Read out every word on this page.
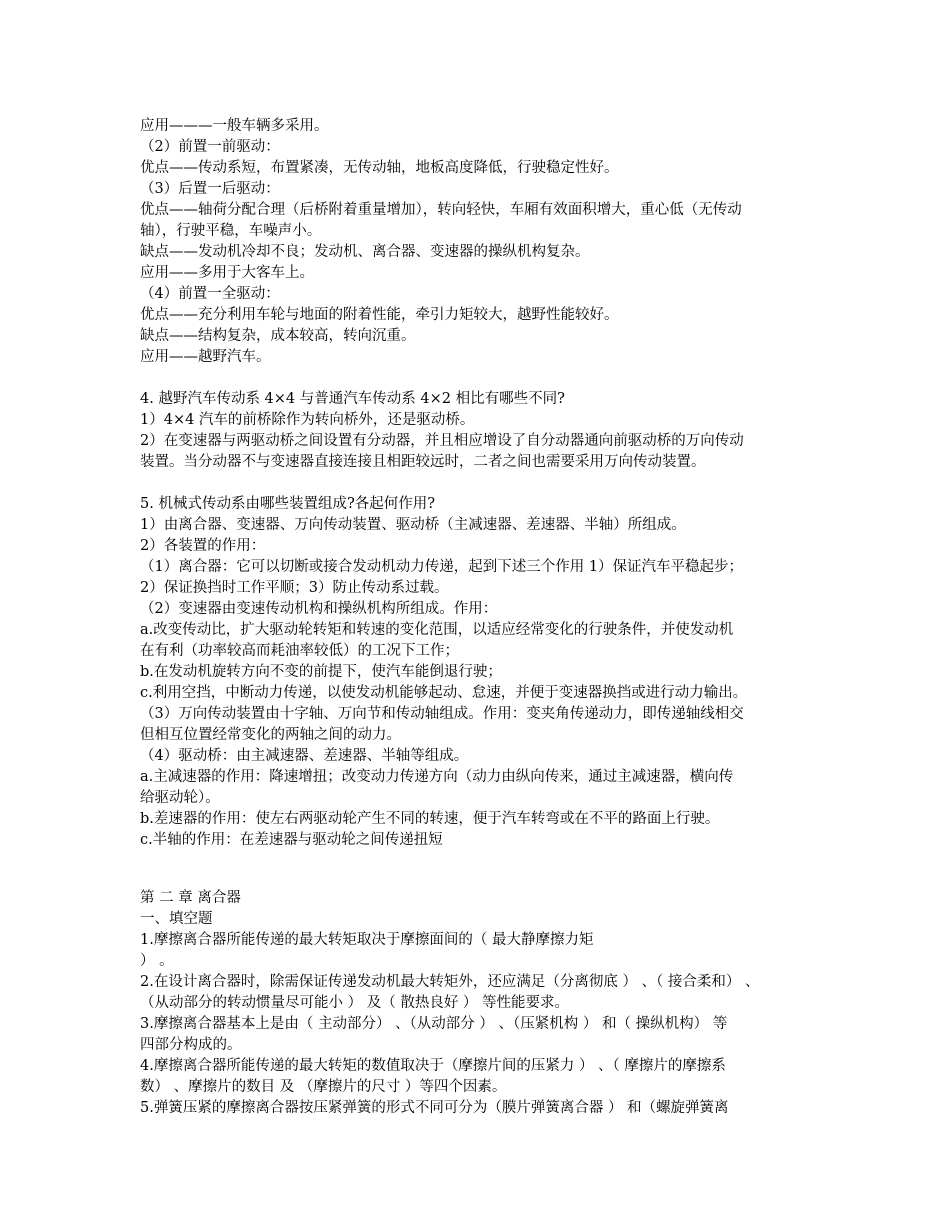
应用———一般车辆多采用。
（2）前置一前驱动：
优点——传动系短，布置紧凑，无传动轴，地板高度降低，行驶稳定性好。
（3）后置一后驱动：
优点——轴荷分配合理（后桥附着重量增加），转向轻快，车厢有效面积增大，重心低（无传动
轴），行驶平稳，车噪声小。
缺点——发动机冷却不良；发动机、离合器、变速器的操纵机构复杂。
应用——多用于大客车上。
（4）前置一全驱动：
优点——充分利用车轮与地面的附着性能，牵引力矩较大，越野性能较好。
缺点——结构复杂，成本较高，转向沉重。
应用——越野汽车。
4. 越野汽车传动系 4×4 与普通汽车传动系 4×2 相比有哪些不同?
1）4×4 汽车的前桥除作为转向桥外，还是驱动桥。
2）在变速器与两驱动桥之间设置有分动器，并且相应增设了自分动器通向前驱动桥的万向传动
装置。当分动器不与变速器直接连接且相距较远时，二者之间也需要采用万向传动装置。
5. 机械式传动系由哪些装置组成?各起何作用?
1）由离合器、变速器、万向传动装置、驱动桥（主减速器、差速器、半轴）所组成。
2）各装置的作用：
（1）离合器：它可以切断或接合发动机动力传递，起到下述三个作用 1）保证汽车平稳起步；
2）保证换挡时工作平顺；3）防止传动系过载。
（2）变速器由变速传动机构和操纵机构所组成。作用：
a.改变传动比，扩大驱动轮转矩和转速的变化范围，以适应经常变化的行驶条件，并使发动机
在有利（功率较高而耗油率较低）的工况下工作；
b.在发动机旋转方向不变的前提下，使汽车能倒退行驶；
c.利用空挡，中断动力传递，以使发动机能够起动、怠速，并便于变速器换挡或进行动力输出。
（3）万向传动装置由十字轴、万向节和传动轴组成。作用：变夹角传递动力，即传递轴线相交
但相互位置经常变化的两轴之间的动力。
（4）驱动桥：由主减速器、差速器、半轴等组成。
a.主减速器的作用：降速增扭；改变动力传递方向（动力由纵向传来，通过主减速器，横向传
给驱动轮）。
b.差速器的作用：使左右两驱动轮产生不同的转速，便于汽车转弯或在不平的路面上行驶。
c.半轴的作用：在差速器与驱动轮之间传递扭短
第 二 章 离合器
一、填空题
1.摩擦离合器所能传递的最大转矩取决于摩擦面间的（ 最大静摩擦力矩
） 。
2.在设计离合器时，除需保证传递发动机最大转矩外，还应满足（分离彻底 ） 、（ 接合柔和） 、
（从动部分的转动惯量尽可能小 ） 及（ 散热良好 ） 等性能要求。
3.摩擦离合器基本上是由（ 主动部分） 、（从动部分 ） 、（压紧机构 ） 和（ 操纵机构） 等
四部分构成的。
4.摩擦离合器所能传递的最大转矩的数值取决于（摩擦片间的压紧力 ） 、（ 摩擦片的摩擦系
数） 、摩擦片的数目 及 （摩擦片的尺寸 ）等四个因素。
5.弹簧压紧的摩擦离合器按压紧弹簧的形式不同可分为（膜片弹簧离合器 ） 和（螺旋弹簧离
